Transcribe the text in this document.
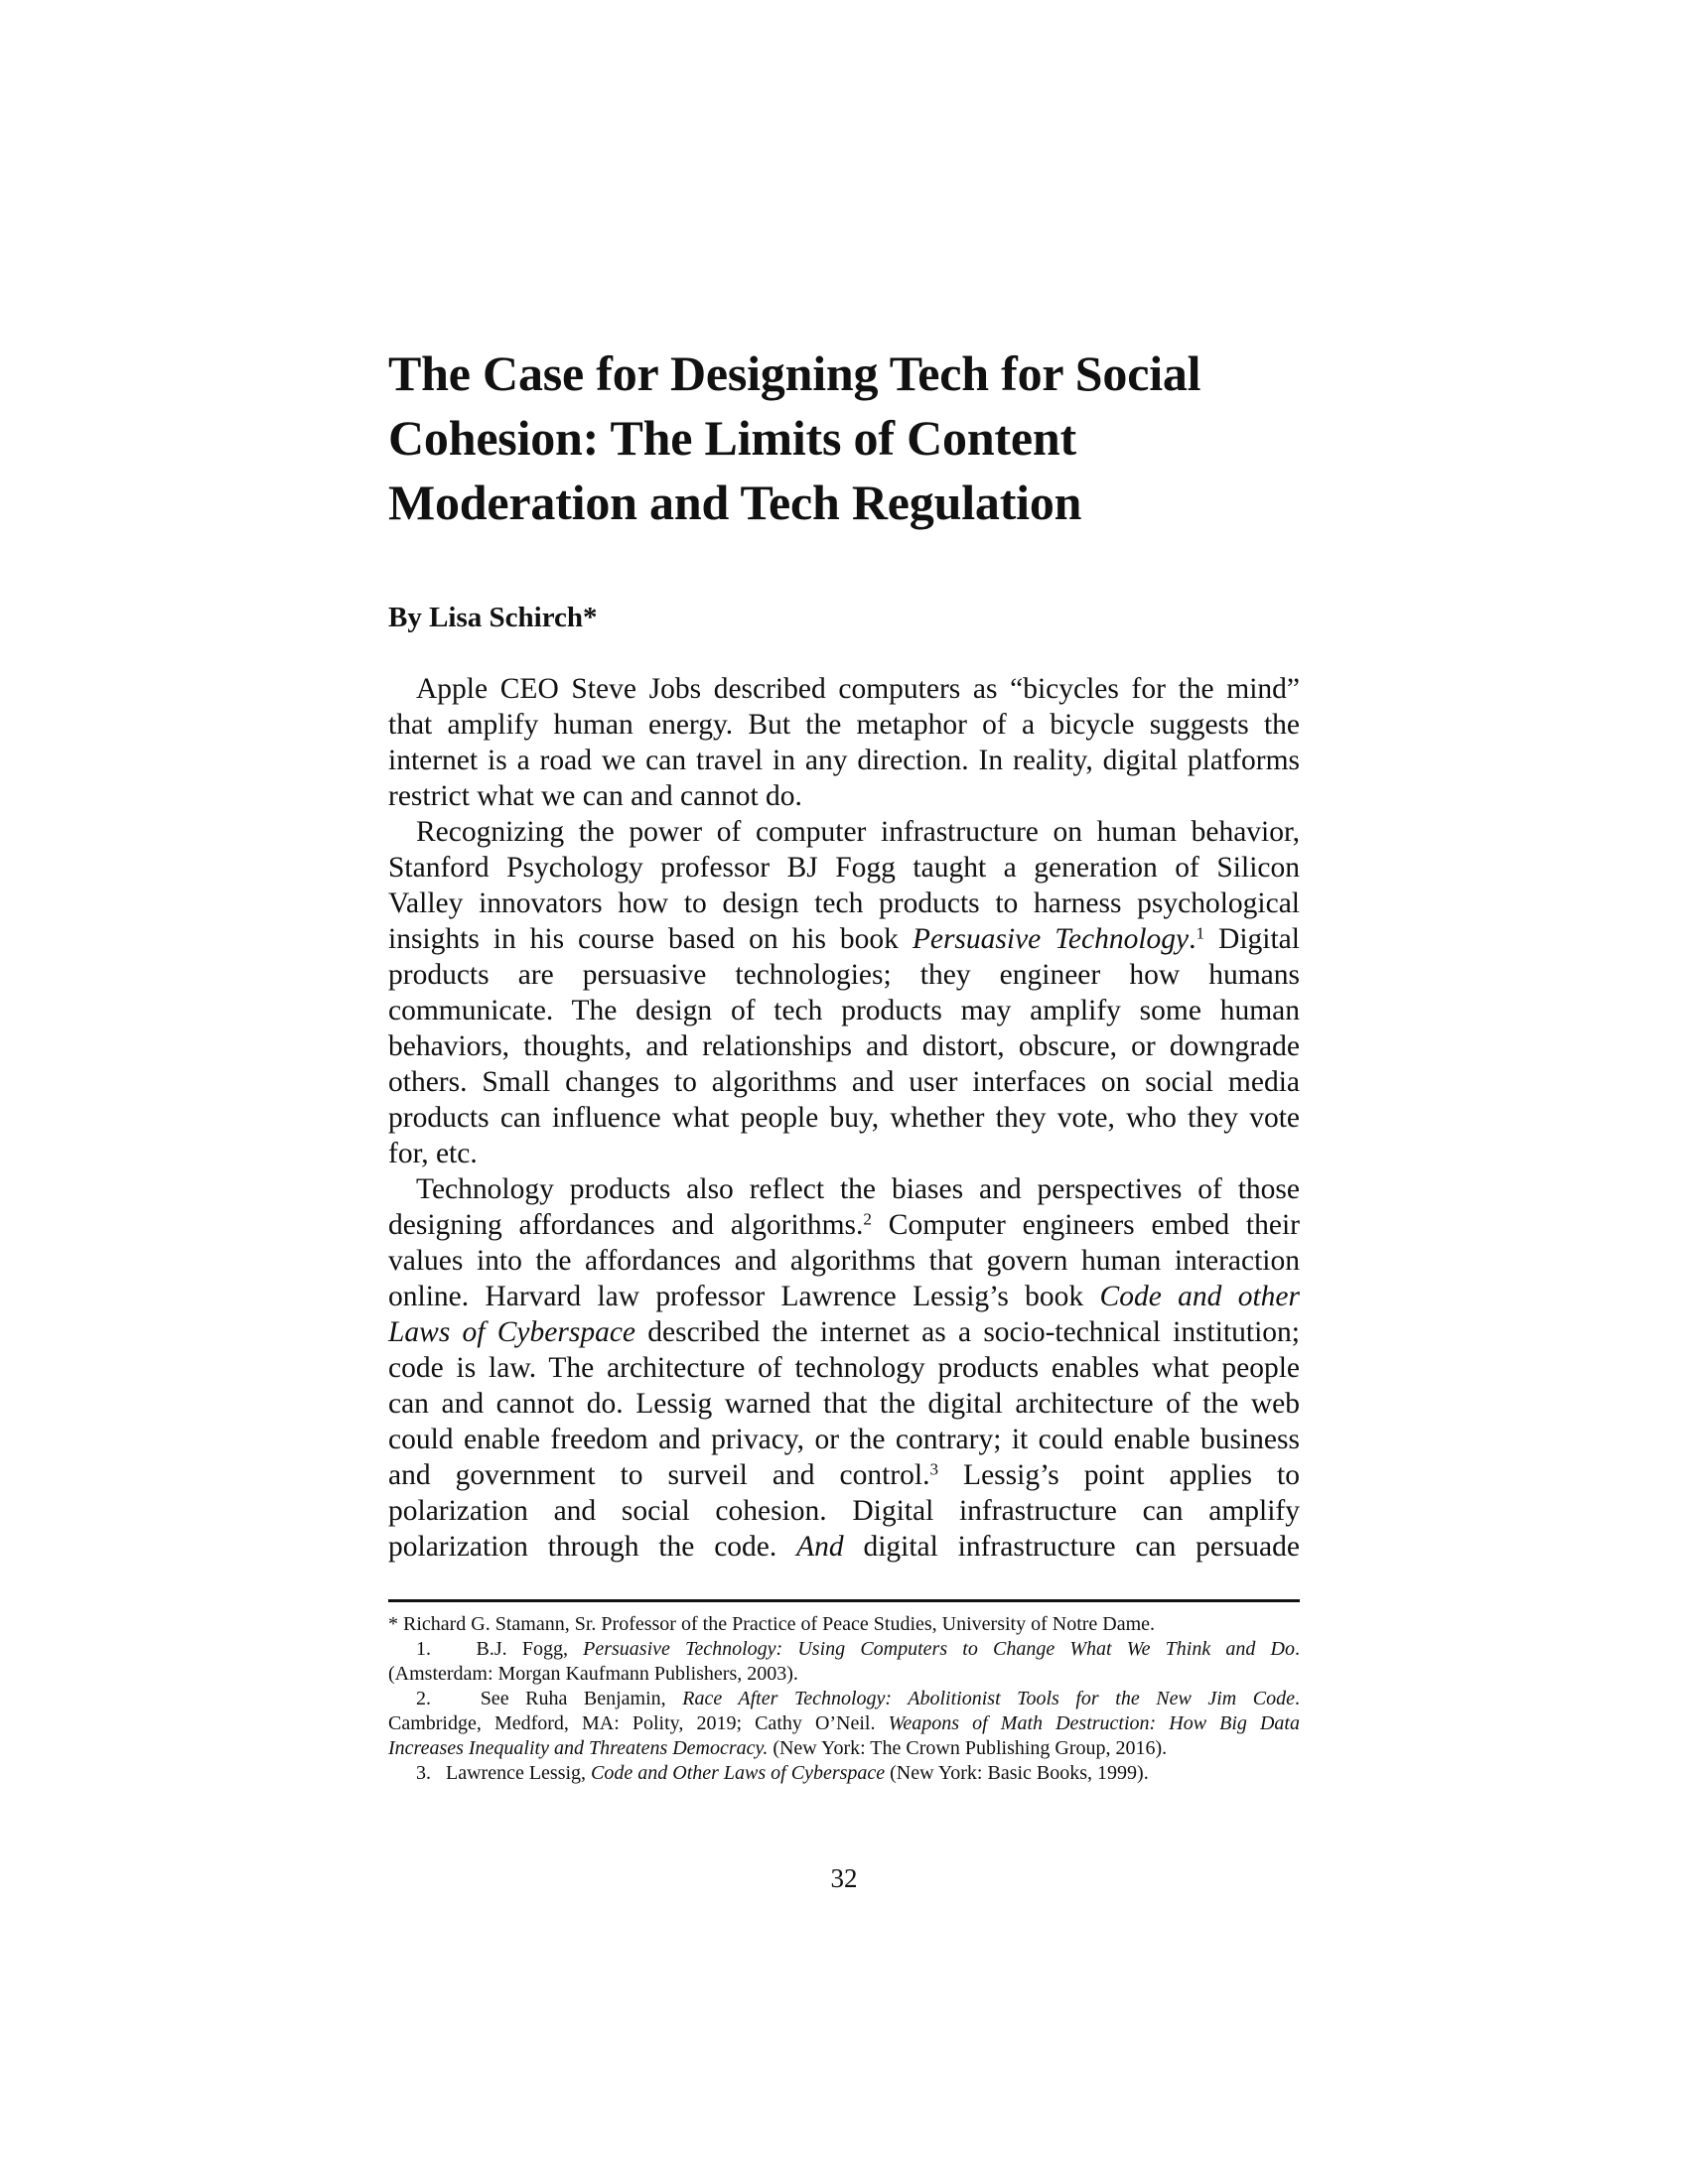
The Case for Designing Tech for Social
Cohesion: The Limits of Content
Moderation and Tech Regulation

By Lisa Schirch*

Apple CEO Steve Jobs described computers as “bicycles for the mind”
that amplify human energy. But the metaphor of a bicycle suggests the
internet is a road we can travel in any direction. In reality, digital platforms
restrict what we can and cannot do.
Recognizing the power of computer infrastructure on human behavior,
Stanford Psychology professor BJ Fogg taught a generation of Silicon
Valley innovators how to design tech products to harness psychological
insights in his course based on his book Persuasive Technology.$^1$ Digital
products are persuasive technologies; they engineer how humans
communicate. The design of tech products may amplify some human
behaviors, thoughts, and relationships and distort, obscure, or downgrade
others. Small changes to algorithms and user interfaces on social media
products can influence what people buy, whether they vote, who they vote
for, etc.
Technology products also reflect the biases and perspectives of those
designing affordances and algorithms.$^2$ Computer engineers embed their
values into the affordances and algorithms that govern human interaction
online. Harvard law professor Lawrence Lessig’s book Code and other
Laws of Cyberspace described the internet as a socio-technical institution;
code is law. The architecture of technology products enables what people
can and cannot do. Lessig warned that the digital architecture of the web
could enable freedom and privacy, or the contrary; it could enable business
and government to surveil and control.$^3$ Lessig’s point applies to
polarization and social cohesion. Digital infrastructure can amplify
polarization through the code. And digital infrastructure can persuade
* Richard G. Stamann, Sr. Professor of the Practice of Peace Studies, University of Notre Dame.
1. B.J. Fogg, Persuasive Technology: Using Computers to Change What We Think and Do.
(Amsterdam: Morgan Kaufmann Publishers, 2003).
2. See Ruha Benjamin, Race After Technology: Abolitionist Tools for the New Jim Code.
Cambridge, Medford, MA: Polity, 2019; Cathy O’Neil. Weapons of Math Destruction: How Big Data
Increases Inequality and Threatens Democracy. (New York: The Crown Publishing Group, 2016).
3. Lawrence Lessig, Code and Other Laws of Cyberspace (New York: Basic Books, 1999).
32
